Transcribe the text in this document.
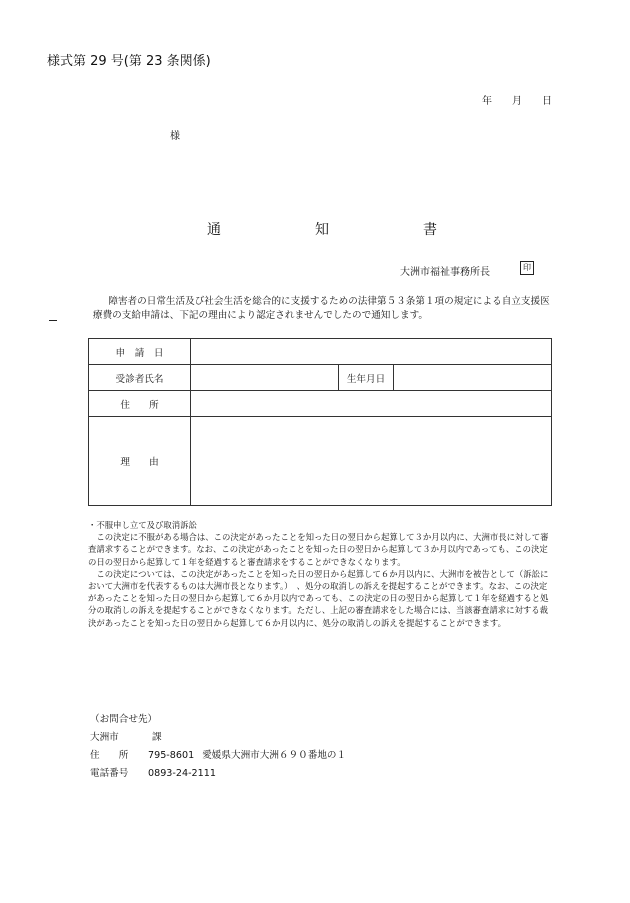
様式第 29 号(第 23 条関係)
年 月 日
様
通	知	書
大洲市福祉事務所長	印
障害者の日常生活及び社会生活を総合的に支援するための法律第５３条第１項の規定による自立支援医療費の支給申請は、下記の理由により認定されませんでしたので通知します。
申　請　日			
受診者氏名		生年月日	
住　　所			
理　　由			

・不服申し立て及び取消訴訟

この決定に不服がある場合は、この決定があったことを知った日の翌日から起算して３か月以内に、大洲市長に対して審査請求することができます。なお、この決定があったことを知った日の翌日から起算して３か月以内であっても、この決定の日の翌日から起算して１年を経過すると審査請求をすることができなくなります。

この決定については、この決定があったことを知った日の翌日から起算して６か月以内に、大洲市を被告として（訴訟において大洲市を代表するものは大洲市長となります。）　、処分の取消しの訴えを提起することができます。なお、この決定があったことを知った日の翌日から起算して６か月以内であっても、この決定の日の翌日から起算して１年を経過すると処分の取消しの訴えを提起することができなくなります。ただし、上記の審査請求をした場合には、当該審査請求に対する裁決があったことを知った日の翌日から起算して６か月以内に、処分の取消しの訴えを提起することができます。

（お問合せ先）
大洲市	課
住　　所	795-8601 愛媛県大洲市大洲６９０番地の１
電話番号	0893-24-2111
